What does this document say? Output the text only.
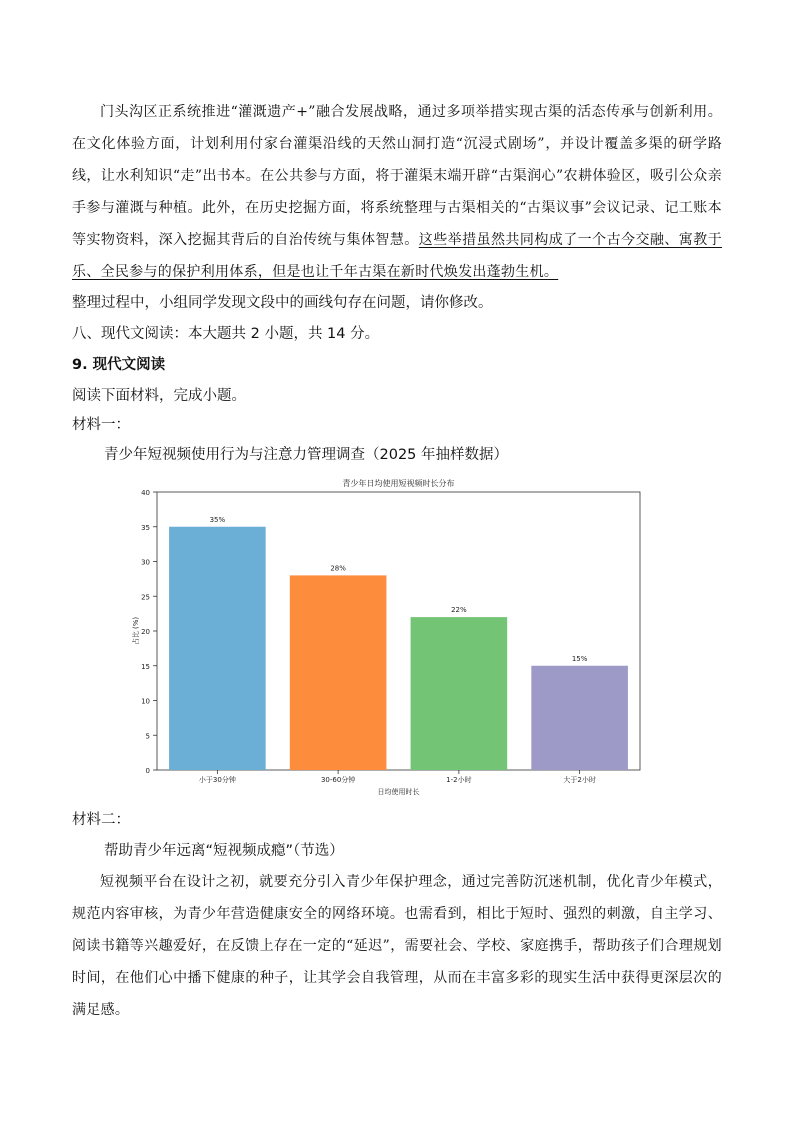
门头沟区正系统推进“灌溉遗产+”融合发展战略，通过多项举措实现古渠的活态传承与创新利用。在文化体验方面，计划利用付家台灌渠沿线的天然山洞打造“沉浸式剧场”，并设计覆盖多渠的研学路线，让水利知识“走”出书本。在公共参与方面，将于灌渠末端开辟“古渠润心”农耕体验区，吸引公众亲手参与灌溉与种植。此外，在历史挖掘方面，将系统整理与古渠相关的“古渠议事”会议记录、记工账本等实物资料，深入挖掘其背后的自治传统与集体智慧。这些举措虽然共同构成了一个古今交融、寓教于乐、全民参与的保护利用体系，但是也让千年古渠在新时代焕发出蓬勃生机。
整理过程中，小组同学发现文段中的画线句存在问题，请你修改。
八、现代文阅读：本大题共 2 小题，共 14 分。
9. 现代文阅读
阅读下面材料，完成小题。
材料一：
青少年短视频使用行为与注意力管理调查（2025 年抽样数据）
青少年日均使用短视频时长分布
0
5
10
15
20
25
30
35
40
占比 (%)
35%
小于30分钟
28%
30-60分钟
22%
1-2小时
15%
大于2小时
日均使用时长
材料二：
帮助青少年远离“短视频成瘾”（节选）
短视频平台在设计之初，就要充分引入青少年保护理念，通过完善防沉迷机制，优化青少年模式，规范内容审核，为青少年营造健康安全的网络环境。也需看到，相比于短时、强烈的刺激，自主学习、阅读书籍等兴趣爱好，在反馈上存在一定的“延迟”，需要社会、学校、家庭携手，帮助孩子们合理规划时间，在他们心中播下健康的种子，让其学会自我管理，从而在丰富多彩的现实生活中获得更深层次的满足感。
